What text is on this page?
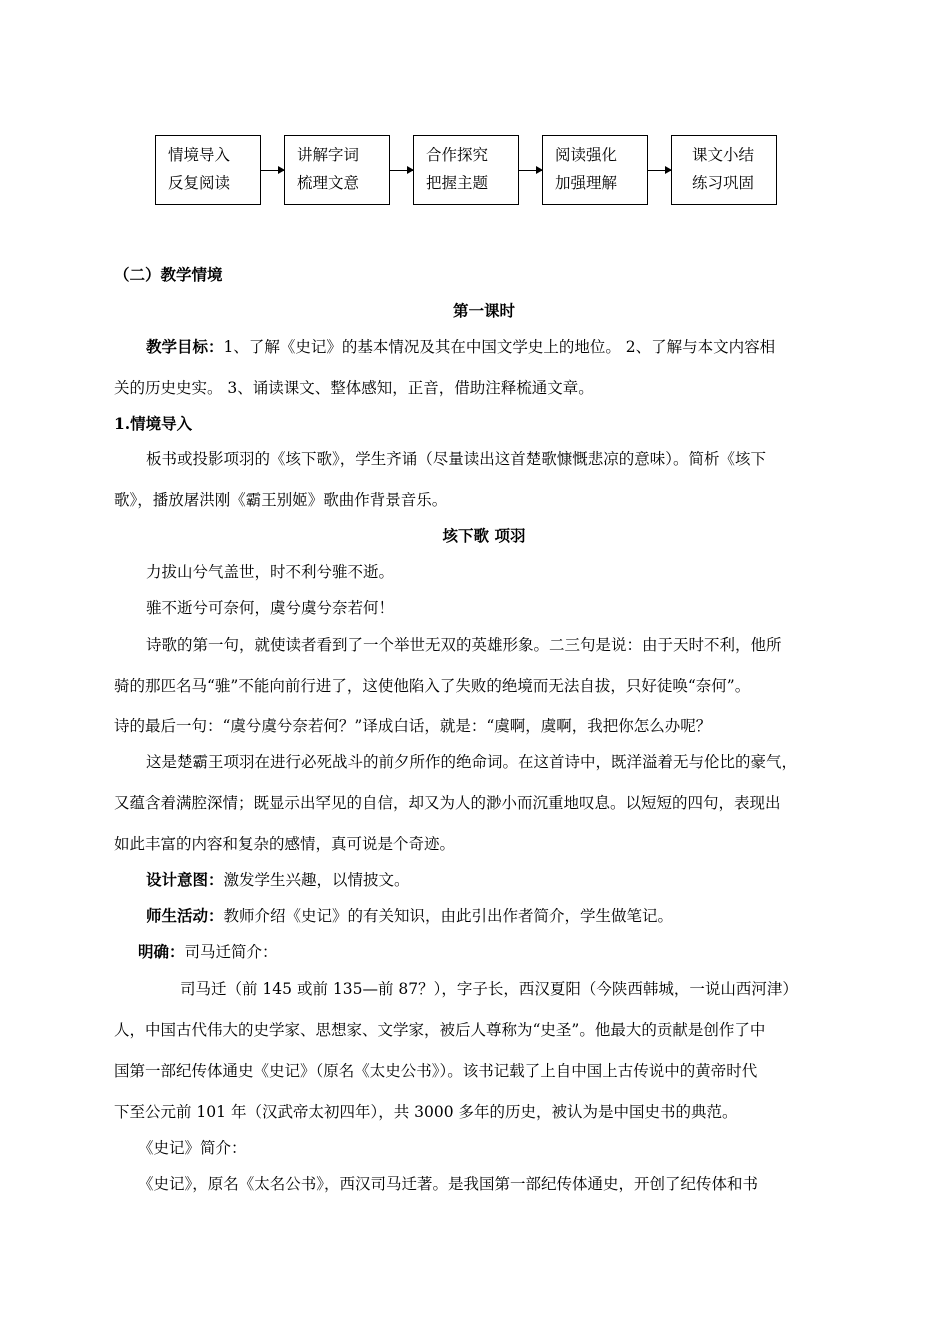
情境导入
反复阅读
讲解字词
梳理文意
合作探究
把握主题
阅读强化
加强理解
课文小结
练习巩固
（二）教学情境
第一课时
教学目标：1、了解《史记》的基本情况及其在中国文学史上的地位。 2、了解与本文内容相
关的历史史实。 3、诵读课文、整体感知，正音，借助注释梳通文章。
1.情境导入
板书或投影项羽的《垓下歌》，学生齐诵（尽量读出这首楚歌慷慨悲凉的意味）。简析《垓下
歌》，播放屠洪刚《霸王别姬》歌曲作背景音乐。
垓下歌 项羽
力拔山兮气盖世，时不利兮骓不逝。
骓不逝兮可奈何，虞兮虞兮奈若何！
诗歌的第一句，就使读者看到了一个举世无双的英雄形象。二三句是说：由于天时不利，他所
骑的那匹名马“骓”不能向前行进了，这使他陷入了失败的绝境而无法自拔，只好徒唤“奈何”。
诗的最后一句：“虞兮虞兮奈若何？”译成白话，就是：“虞啊，虞啊，我把你怎么办呢？
这是楚霸王项羽在进行必死战斗的前夕所作的绝命词。在这首诗中，既洋溢着无与伦比的豪气，
又蕴含着满腔深情；既显示出罕见的自信，却又为人的渺小而沉重地叹息。以短短的四句，表现出
如此丰富的内容和复杂的感情，真可说是个奇迹。
设计意图：激发学生兴趣，以情披文。
师生活动：教师介绍《史记》的有关知识，由此引出作者简介，学生做笔记。
明确：司马迁简介：
司马迁（前 145 或前 135—前 87？），字子长，西汉夏阳（今陕西韩城，一说山西河津）
人，中国古代伟大的史学家、思想家、文学家，被后人尊称为“史圣”。他最大的贡献是创作了中
国第一部纪传体通史《史记》（原名《太史公书》）。该书记载了上自中国上古传说中的黄帝时代
下至公元前 101 年（汉武帝太初四年），共 3000 多年的历史，被认为是中国史书的典范。
《史记》简介：
《史记》，原名《太名公书》，西汉司马迁著。是我国第一部纪传体通史，开创了纪传体和书
